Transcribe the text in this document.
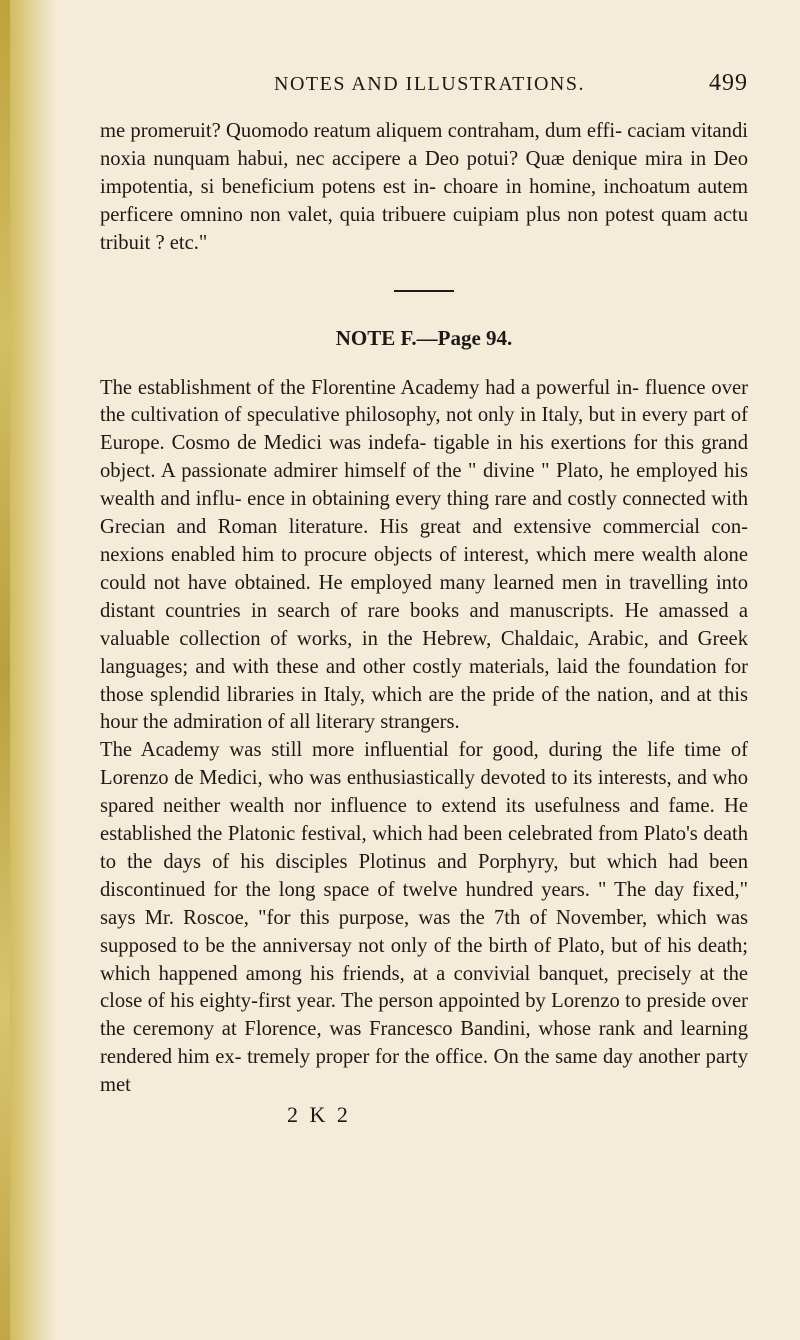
NOTES AND ILLUSTRATIONS.	499

me promeruit? Quomodo reatum aliquem contraham, dum effi- caciam vitandi noxia nunquam habui, nec accipere a Deo potui? Quæ denique mira in Deo impotentia, si beneficium potens est in- choare in homine, inchoatum autem perficere omnino non valet, quia tribuere cuipiam plus non potest quam actu tribuit ? etc."

NOTE F.—Page 94.

The establishment of the Florentine Academy had a powerful in- fluence over the cultivation of speculative philosophy, not only in Italy, but in every part of Europe. Cosmo de Medici was indefa- tigable in his exertions for this grand object. A passionate admirer himself of the " divine " Plato, he employed his wealth and influ- ence in obtaining every thing rare and costly connected with Grecian and Roman literature. His great and extensive commercial con- nexions enabled him to procure objects of interest, which mere wealth alone could not have obtained. He employed many learned men in travelling into distant countries in search of rare books and manuscripts. He amassed a valuable collection of works, in the Hebrew, Chaldaic, Arabic, and Greek languages; and with these and other costly materials, laid the foundation for those splendid libraries in Italy, which are the pride of the nation, and at this hour the admiration of all literary strangers.

The Academy was still more influential for good, during the life time of Lorenzo de Medici, who was enthusiastically devoted to its interests, and who spared neither wealth nor influence to extend its usefulness and fame. He established the Platonic festival, which had been celebrated from Plato's death to the days of his disciples Plotinus and Porphyry, but which had been discontinued for the long space of twelve hundred years. " The day fixed," says Mr. Roscoe, "for this purpose, was the 7th of November, which was supposed to be the anniversay not only of the birth of Plato, but of his death; which happened among his friends, at a convivial banquet, precisely at the close of his eighty-first year. The person appointed by Lorenzo to preside over the ceremony at Florence, was Francesco Bandini, whose rank and learning rendered him ex- tremely proper for the office. On the same day another party met

2 K 2
